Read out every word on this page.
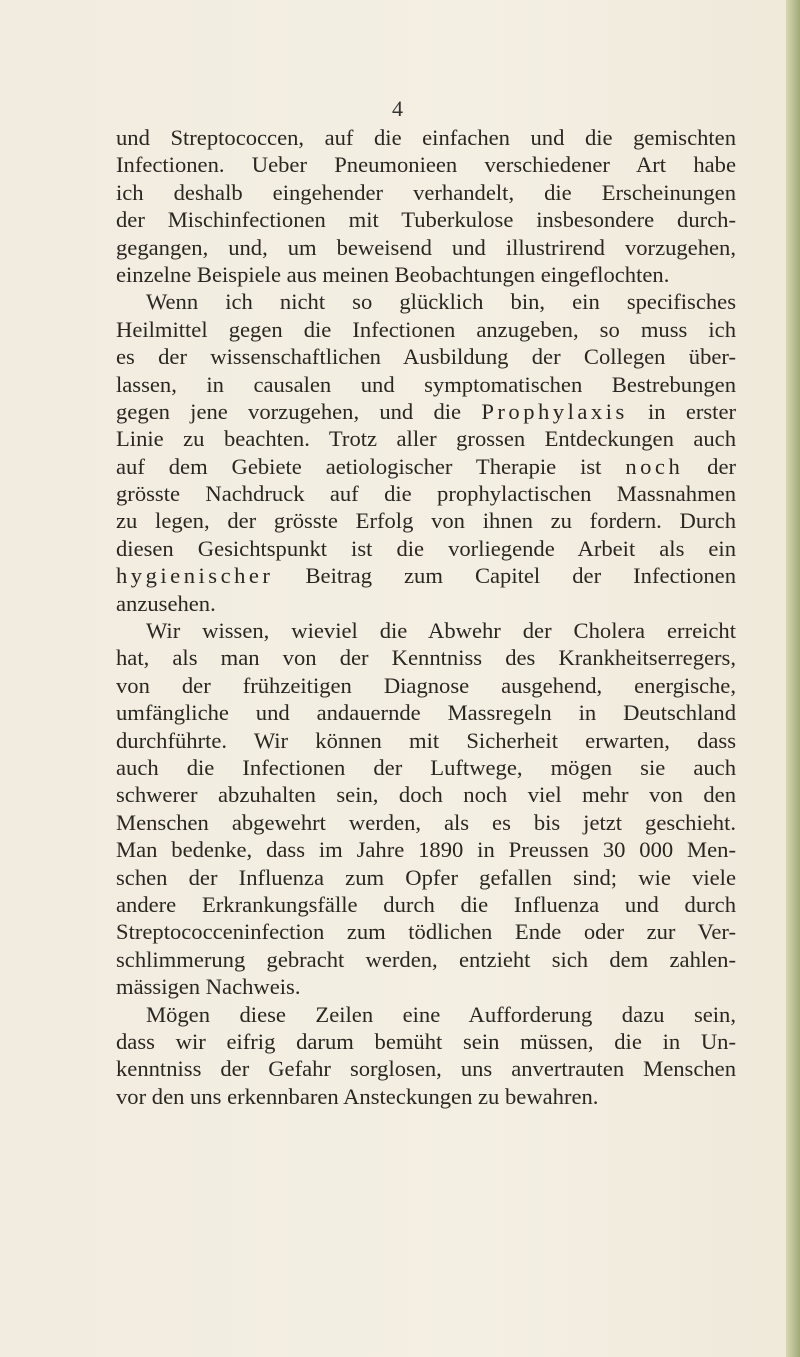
4
und Streptococcen, auf die einfachen und die gemischten
Infectionen. Ueber Pneumonieen verschiedener Art habe
ich deshalb eingehender verhandelt, die Erscheinungen
der Mischinfectionen mit Tuberkulose insbesondere durch-
gegangen, und, um beweisend und illustrirend vorzugehen,
einzelne Beispiele aus meinen Beobachtungen eingeflochten.
Wenn ich nicht so glücklich bin, ein specifisches
Heilmittel gegen die Infectionen anzugeben, so muss ich
es der wissenschaftlichen Ausbildung der Collegen über-
lassen, in causalen und symptomatischen Bestrebungen
gegen jene vorzugehen, und die Prophylaxis in erster
Linie zu beachten. Trotz aller grossen Entdeckungen auch
auf dem Gebiete aetiologischer Therapie ist noch der
grösste Nachdruck auf die prophylactischen Massnahmen
zu legen, der grösste Erfolg von ihnen zu fordern. Durch
diesen Gesichtspunkt ist die vorliegende Arbeit als ein
hygienischer Beitrag zum Capitel der Infectionen
anzusehen.
Wir wissen, wieviel die Abwehr der Cholera erreicht
hat, als man von der Kenntniss des Krankheitserregers,
von der frühzeitigen Diagnose ausgehend, energische,
umfängliche und andauernde Massregeln in Deutschland
durchführte. Wir können mit Sicherheit erwarten, dass
auch die Infectionen der Luftwege, mögen sie auch
schwerer abzuhalten sein, doch noch viel mehr von den
Menschen abgewehrt werden, als es bis jetzt geschieht.
Man bedenke, dass im Jahre 1890 in Preussen 30 000 Men-
schen der Influenza zum Opfer gefallen sind; wie viele
andere Erkrankungsfälle durch die Influenza und durch
Streptococceninfection zum tödlichen Ende oder zur Ver-
schlimmerung gebracht werden, entzieht sich dem zahlen-
mässigen Nachweis.
Mögen diese Zeilen eine Aufforderung dazu sein,
dass wir eifrig darum bemüht sein müssen, die in Un-
kenntniss der Gefahr sorglosen, uns anvertrauten Menschen
vor den uns erkennbaren Ansteckungen zu bewahren.
